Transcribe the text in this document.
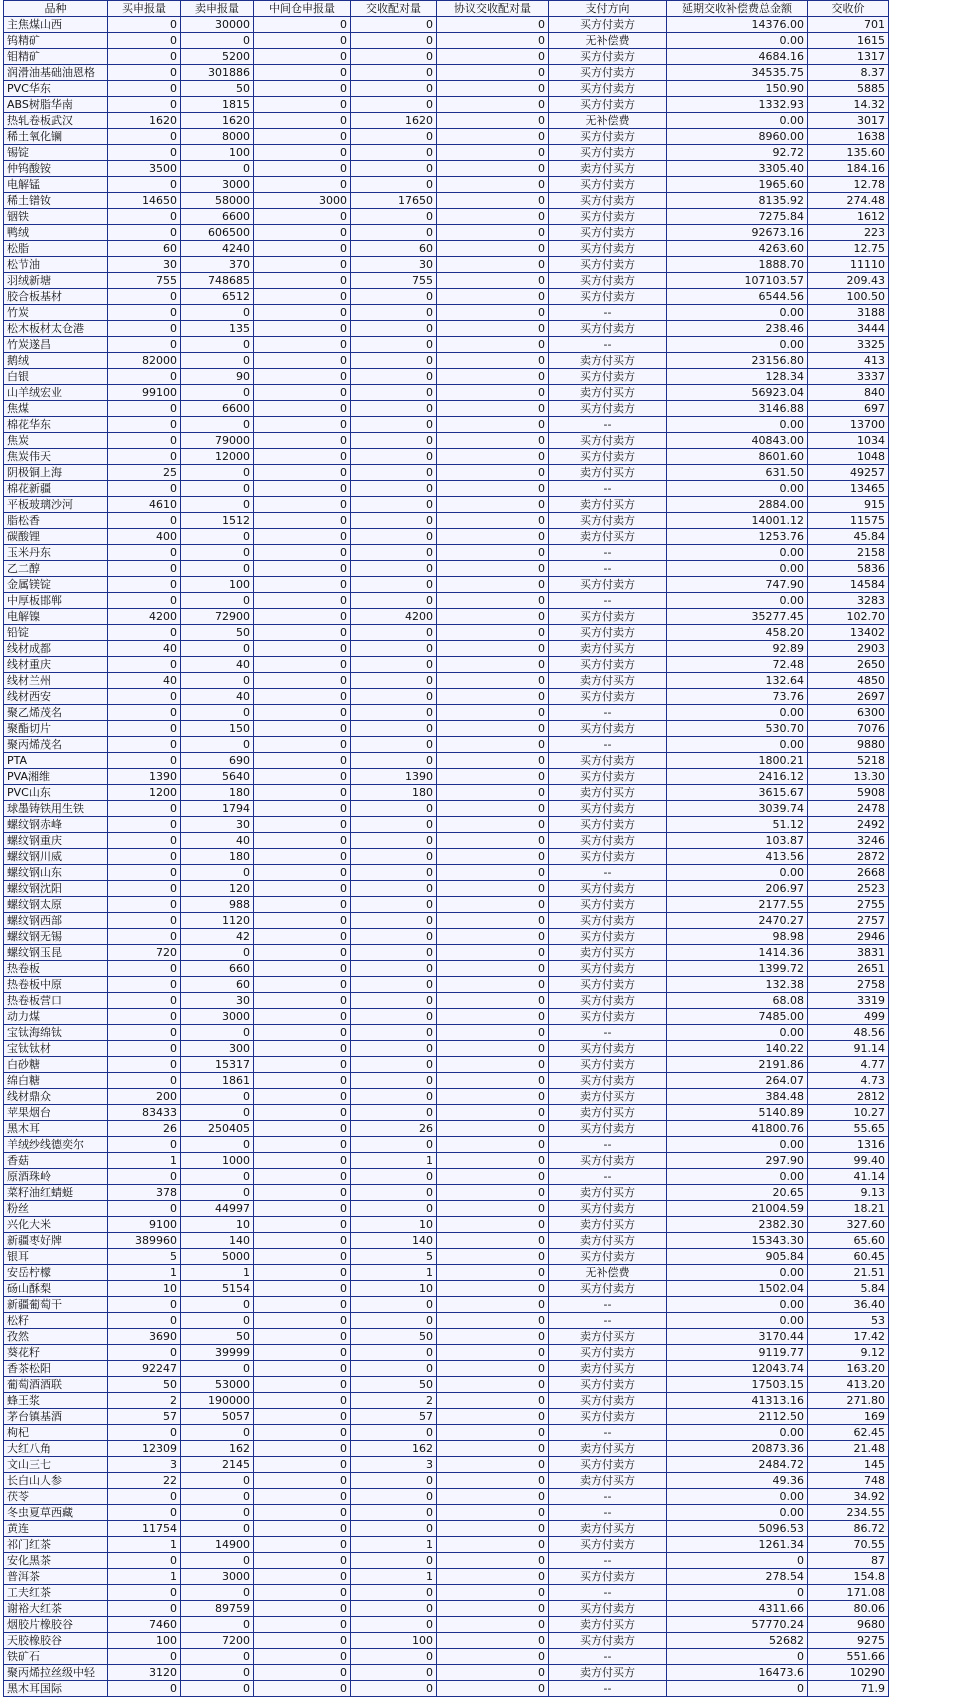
品种	买申报量	卖申报量	中间仓申报量	交收配对量	协议交收配对量	支付方向	延期交收补偿费总金额	交收价
主焦煤山西	0	30000	0	0	0	买方付卖方	14376.00	701
钨精矿	0	0	0	0	0	无补偿费	0.00	1615
钼精矿	0	5200	0	0	0	买方付卖方	4684.16	1317
润滑油基础油恩格	0	301886	0	0	0	买方付卖方	34535.75	8.37
PVC华东	0	50	0	0	0	买方付卖方	150.90	5885
ABS树脂华南	0	1815	0	0	0	买方付卖方	1332.93	14.32
热轧卷板武汉	1620	1620	0	1620	0	无补偿费	0.00	3017
稀土氧化镧	0	8000	0	0	0	买方付卖方	8960.00	1638
锡锭	0	100	0	0	0	买方付卖方	92.72	135.60
仲钨酸铵	3500	0	0	0	0	卖方付买方	3305.40	184.16
电解锰	0	3000	0	0	0	买方付卖方	1965.60	12.78
稀土镨钕	14650	58000	3000	17650	0	买方付卖方	8135.92	274.48
铟铁	0	6600	0	0	0	买方付卖方	7275.84	1612
鸭绒	0	606500	0	0	0	买方付卖方	92673.16	223
松脂	60	4240	0	60	0	买方付卖方	4263.60	12.75
松节油	30	370	0	30	0	买方付卖方	1888.70	11110
羽绒新塘	755	748685	0	755	0	买方付卖方	107103.57	209.43
胶合板基材	0	6512	0	0	0	买方付卖方	6544.56	100.50
竹炭	0	0	0	0	0	--	0.00	3188
松木板材太仓港	0	135	0	0	0	买方付卖方	238.46	3444
竹炭遂昌	0	0	0	0	0	--	0.00	3325
鹅绒	82000	0	0	0	0	卖方付买方	23156.80	413
白银	0	90	0	0	0	买方付卖方	128.34	3337
山羊绒宏业	99100	0	0	0	0	卖方付买方	56923.04	840
焦煤	0	6600	0	0	0	买方付卖方	3146.88	697
棉花华东	0	0	0	0	0	--	0.00	13700
焦炭	0	79000	0	0	0	买方付卖方	40843.00	1034
焦炭伟天	0	12000	0	0	0	买方付卖方	8601.60	1048
阴极铜上海	25	0	0	0	0	卖方付买方	631.50	49257
棉花新疆	0	0	0	0	0	--	0.00	13465
平板玻璃沙河	4610	0	0	0	0	卖方付买方	2884.00	915
脂松香	0	1512	0	0	0	买方付卖方	14001.12	11575
碳酸锂	400	0	0	0	0	卖方付买方	1253.76	45.84
玉米丹东	0	0	0	0	0	--	0.00	2158
乙二醇	0	0	0	0	0	--	0.00	5836
金属镁锭	0	100	0	0	0	买方付卖方	747.90	14584
中厚板邯郸	0	0	0	0	0	--	0.00	3283
电解镍	4200	72900	0	4200	0	买方付卖方	35277.45	102.70
铅锭	0	50	0	0	0	买方付卖方	458.20	13402
线材成都	40	0	0	0	0	卖方付买方	92.89	2903
线材重庆	0	40	0	0	0	买方付卖方	72.48	2650
线材兰州	40	0	0	0	0	卖方付买方	132.64	4850
线材西安	0	40	0	0	0	买方付卖方	73.76	2697
聚乙烯茂名	0	0	0	0	0	--	0.00	6300
聚酯切片	0	150	0	0	0	买方付卖方	530.70	7076
聚丙烯茂名	0	0	0	0	0	--	0.00	9880
PTA	0	690	0	0	0	买方付卖方	1800.21	5218
PVA湘维	1390	5640	0	1390	0	买方付卖方	2416.12	13.30
PVC山东	1200	180	0	180	0	卖方付买方	3615.67	5908
球墨铸铁用生铁	0	1794	0	0	0	买方付卖方	3039.74	2478
螺纹钢赤峰	0	30	0	0	0	买方付卖方	51.12	2492
螺纹钢重庆	0	40	0	0	0	买方付卖方	103.87	3246
螺纹钢川威	0	180	0	0	0	买方付卖方	413.56	2872
螺纹钢山东	0	0	0	0	0	--	0.00	2668
螺纹钢沈阳	0	120	0	0	0	买方付卖方	206.97	2523
螺纹钢太原	0	988	0	0	0	买方付卖方	2177.55	2755
螺纹钢西部	0	1120	0	0	0	买方付卖方	2470.27	2757
螺纹钢无锡	0	42	0	0	0	买方付卖方	98.98	2946
螺纹钢玉昆	720	0	0	0	0	卖方付买方	1414.36	3831
热卷板	0	660	0	0	0	买方付卖方	1399.72	2651
热卷板中原	0	60	0	0	0	买方付卖方	132.38	2758
热卷板营口	0	30	0	0	0	买方付卖方	68.08	3319
动力煤	0	3000	0	0	0	买方付卖方	7485.00	499
宝钛海绵钛	0	0	0	0	0	--	0.00	48.56
宝钛钛材	0	300	0	0	0	买方付卖方	140.22	91.14
白砂糖	0	15317	0	0	0	买方付卖方	2191.86	4.77
绵白糖	0	1861	0	0	0	买方付卖方	264.07	4.73
线材鼎众	200	0	0	0	0	卖方付买方	384.48	2812
苹果烟台	83433	0	0	0	0	卖方付买方	5140.89	10.27
黑木耳	26	250405	0	26	0	买方付卖方	41800.76	55.65
羊绒纱线德奕尔	0	0	0	0	0	--	0.00	1316
香菇	1	1000	0	1	0	买方付卖方	297.90	99.40
原酒珠岭	0	0	0	0	0	--	0.00	41.14
菜籽油红蜻蜓	378	0	0	0	0	卖方付买方	20.65	9.13
粉丝	0	44997	0	0	0	买方付卖方	21004.59	18.21
兴化大米	9100	10	0	10	0	卖方付买方	2382.30	327.60
新疆枣好牌	389960	140	0	140	0	卖方付买方	15343.30	65.60
银耳	5	5000	0	5	0	买方付卖方	905.84	60.45
安岳柠檬	1	1	0	1	0	无补偿费	0.00	21.51
砀山酥梨	10	5154	0	10	0	买方付卖方	1502.04	5.84
新疆葡萄干	0	0	0	0	0	--	0.00	36.40
松籽	0	0	0	0	0	--	0.00	53
孜然	3690	50	0	50	0	卖方付买方	3170.44	17.42
葵花籽	0	39999	0	0	0	买方付卖方	9119.77	9.12
香茶松阳	92247	0	0	0	0	卖方付买方	12043.74	163.20
葡萄酒酒联	50	53000	0	50	0	买方付卖方	17503.15	413.20
蜂王浆	2	190000	0	2	0	买方付卖方	41313.16	271.80
茅台镇基酒	57	5057	0	57	0	买方付卖方	2112.50	169
枸杞	0	0	0	0	0	--	0.00	62.45
大红八角	12309	162	0	162	0	卖方付买方	20873.36	21.48
文山三七	3	2145	0	3	0	买方付卖方	2484.72	145
长白山人参	22	0	0	0	0	卖方付买方	49.36	748
茯苓	0	0	0	0	0	--	0.00	34.92
冬虫夏草西藏	0	0	0	0	0	--	0.00	234.55
黄连	11754	0	0	0	0	卖方付买方	5096.53	86.72
祁门红茶	1	14900	0	1	0	买方付卖方	1261.34	70.55
安化黑茶	0	0	0	0	0	--	0	87
普洱茶	1	3000	0	1	0	买方付卖方	278.54	154.8
工夫红茶	0	0	0	0	0	--	0	171.08
谢裕大红茶	0	89759	0	0	0	买方付卖方	4311.66	80.06
烟胶片橡胶谷	7460	0	0	0	0	卖方付买方	57770.24	9680
天胶橡胶谷	100	7200	0	100	0	买方付卖方	52682	9275
铁矿石	0	0	0	0	0	--	0	551.66
聚丙烯拉丝级中轻	3120	0	0	0	0	卖方付买方	16473.6	10290
黑木耳国际	0	0	0	0	0	--	0	71.9
